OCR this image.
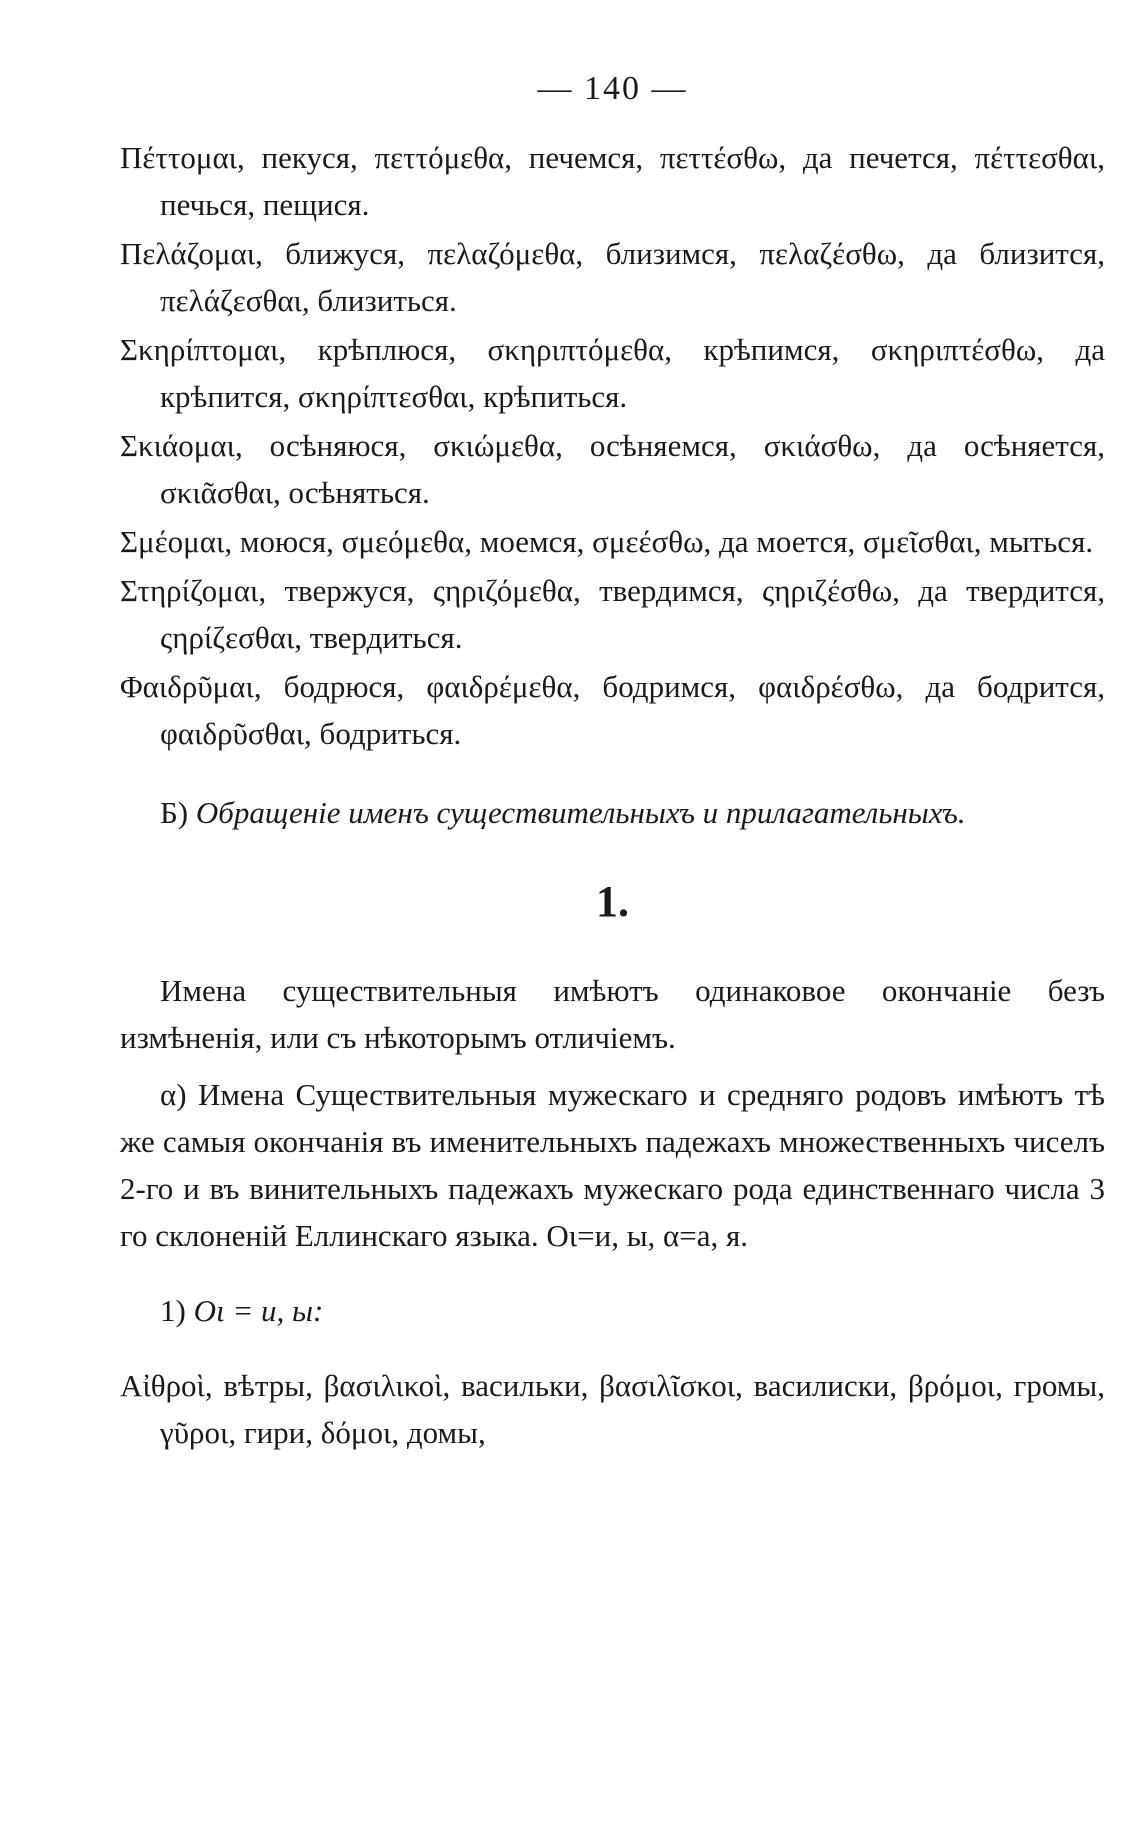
— 140 —

Πέττομαι, пекуся, πεττόμεθα, печемся, πεττέσθω, да печется, πέττεσθαι, печься, пещися.

Πελάζομαι, ближуся, πελαζόμεθα, близимся, πελαζέσθω, да близится, πελάζεσθαι, близиться.

Σκηρίπτομαι, крѣплюся, σκηριπτόμεθα, крѣпимся, σκηριπτέσθω, да крѣпится, σκηρίπτεσθαι, крѣпиться.

Σκιάομαι, осѣняюся, σκιώμεθα, осѣняемся, σκιάσθω, да осѣняется, σκιᾶσθαι, осѣняться.

Σμέομαι, моюся, σμεόμεθα, моемся, σμεέσθω, да моется, σμεῖσθαι, мыться.

Στηρίζομαι, твержуся, ςηριζόμεθα, твердимся, ςηριζέσθω, да твердится, ςηρίζεσθαι, твердиться.

Φαιδρῦμαι, бодрюся, φαιδρέμεθα, бодримся, φαιδρέσθω, да бодрится, φαιδρῦσθαι, бодриться.

Б) Обращеніе именъ существительныхъ и прилагательныхъ.

1.

Имена существительныя имѣютъ одинаковое окончаніе безъ измѣненія, или съ нѣкоторымъ отличіемъ.

α) Имена Существительныя мужескаго и средняго родовъ имѣютъ тѣ же самыя окончанія въ именительныхъ падежахъ множественныхъ чиселъ 2-го и въ винительныхъ падежахъ мужескаго рода единственнаго числа 3 го склоненій Еллинскаго языка. Οι=и, ы, α=а, я.

1) Οι = и, ы:

Αἰθροὶ, вѣтры, βασιλικοὶ, васильки, βασιλῖσκοι, василиски, βρόμοι, громы, γῦροι, гири, δόμοι, домы,
